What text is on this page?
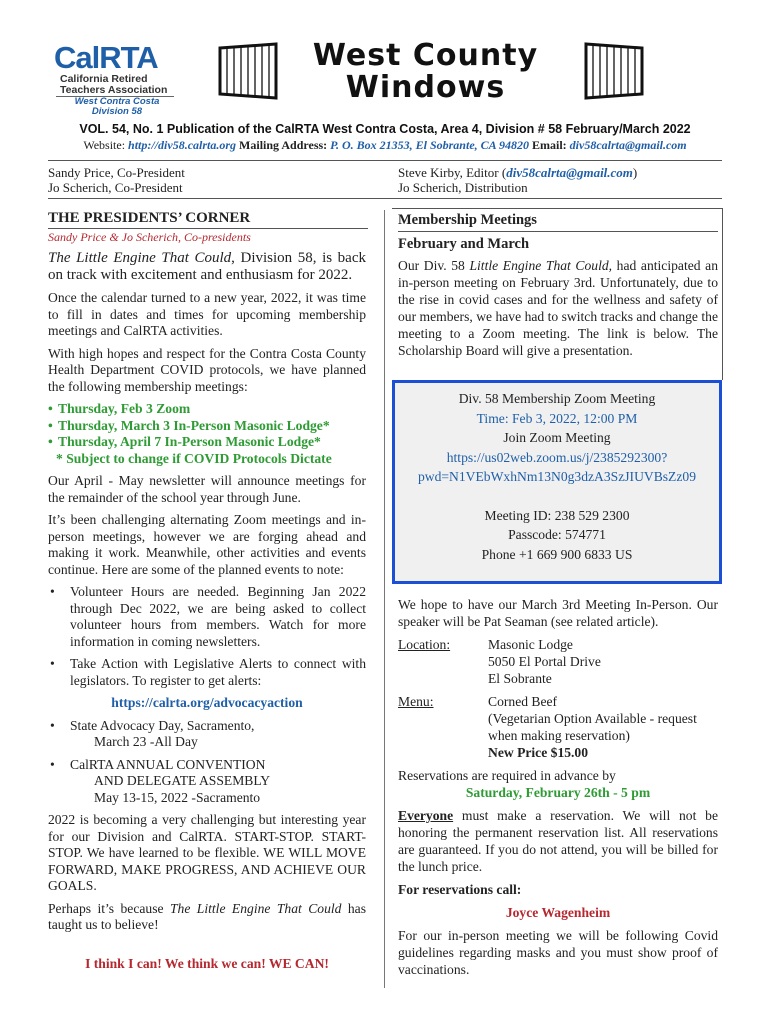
CalRTA
California Retired Teachers Association
West Contra Costa Division 58
West County
Windows
VOL. 54, No. 1 Publication of the CalRTA West Contra Costa, Area 4, Division # 58 February/March 2022
Website: http://div58.calrta.org Mailing Address: P. O. Box 21353, El Sobrante, CA 94820 Email: div58calrta@gmail.com
Sandy Price, Co-President
Jo Scherich, Co-President
Steve Kirby, Editor (div58calrta@gmail.com)
Jo Scherich, Distribution
THE PRESIDENTS’ CORNER
Sandy Price & Jo Scherich, Co-presidents

The Little Engine That Could, Division 58, is back on track with excitement and enthusiasm for 2022.

Once the calendar turned to a new year, 2022, it was time to fill in dates and times for upcoming membership meetings and CalRTA activities.

With high hopes and respect for the Contra Costa County Health Department COVID protocols, we have planned the following membership meetings:

• Thursday, Feb 3 Zoom
• Thursday, March 3 In-Person Masonic Lodge*
• Thursday, April 7 In-Person Masonic Lodge*
* Subject to change if COVID Protocols Dictate

Our April - May newsletter will announce meetings for the remainder of the school year through June.

It’s been challenging alternating Zoom meetings and in-person meetings, however we are forging ahead and making it work. Meanwhile, other activities and events continue. Here are some of the planned events to note:

• Volunteer Hours are needed. Beginning Jan 2022 through Dec 2022, we are being asked to collect volunteer hours from members. Watch for more information in coming newsletters.
• Take Action with Legislative Alerts to connect with legislators. To register to get alerts:
https://calrta.org/advocacyaction
• State Advocacy Day, Sacramento,
March 23 -All Day
• CalRTA ANNUAL CONVENTION
AND DELEGATE ASSEMBLY
May 13-15, 2022 -Sacramento

2022 is becoming a very challenging but interesting year for our Division and CalRTA. START-STOP. START-STOP. We have learned to be flexible. WE WILL MOVE FORWARD, MAKE PROGRESS, AND ACHIEVE OUR GOALS.

Perhaps it’s because The Little Engine That Could has taught us to believe!

I think I can! We think we can! WE CAN!
Membership Meetings
February and March

Our Div. 58 Little Engine That Could, had anticipated an in-person meeting on February 3rd. Unfortunately, due to the rise in covid cases and for the wellness and safety of our members, we have had to switch tracks and change the meeting to a Zoom meeting. The link is below. The Scholarship Board will give a presentation.

Div. 58 Membership Zoom Meeting
Time: Feb 3, 2022, 12:00 PM
Join Zoom Meeting
https://us02web.zoom.us/j/2385292300?
pwd=N1VEbWxhNm13N0g3dzA3SzJIUVBsZz09
Meeting ID: 238 529 2300
Passcode: 574771
Phone +1 669 900 6833 US

We hope to have our March 3rd Meeting In-Person. Our speaker will be Pat Seaman (see related article).

Location:	Masonic Lodge
5050 El Portal Drive
El Sobrante
Menu:	Corned Beef
(Vegetarian Option Available - request when making reservation)
New Price $15.00
Reservations are required in advance by
Saturday, February 26th - 5 pm

Everyone must make a reservation. We will not be honoring the permanent reservation list. All reservations are guaranteed. If you do not attend, you will be billed for the lunch price.

For reservations call:
Joyce Wagenheim

For our in-person meeting we will be following Covid guidelines regarding masks and you must show proof of vaccinations.
